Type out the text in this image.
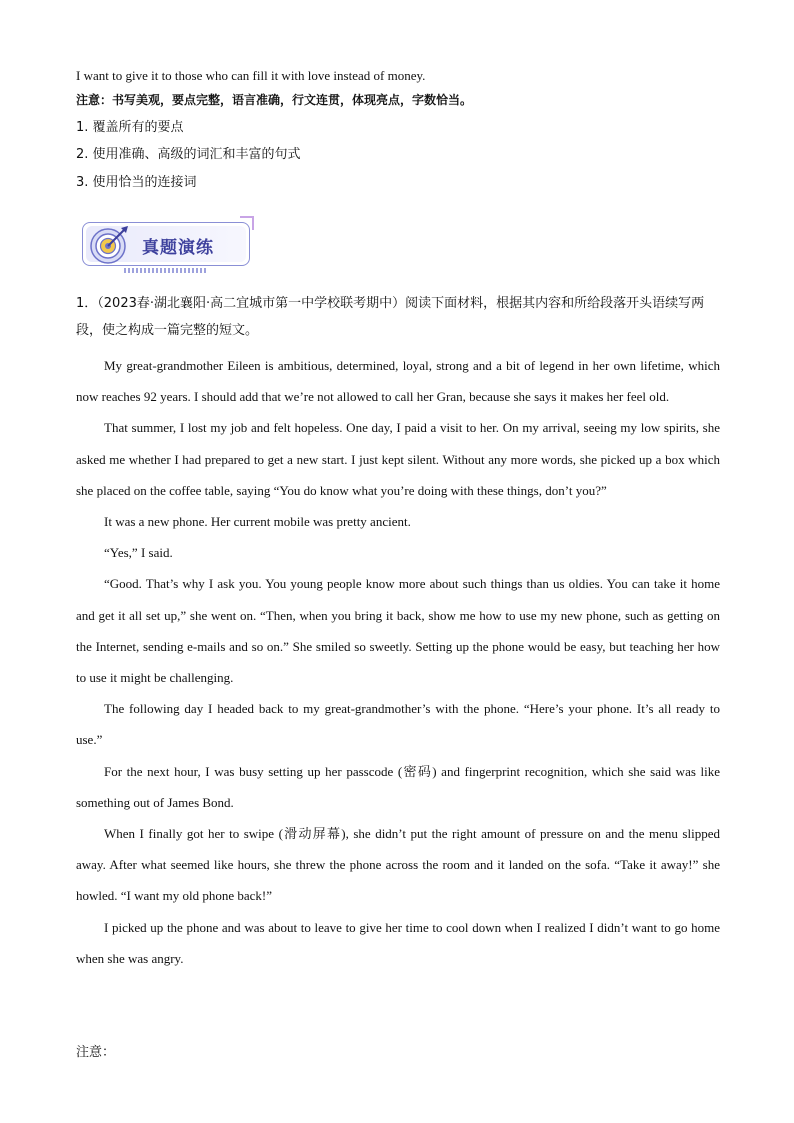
I want to give it to those who can fill it with love instead of money.
注意：书写美观，要点完整，语言准确，行文连贯，体现亮点，字数恰当。
1. 覆盖所有的要点
2. 使用准确、高级的词汇和丰富的句式
3. 使用恰当的连接词
真题演练
1．（2023春·湖北襄阳·高二宜城市第一中学校联考期中）阅读下面材料，根据其内容和所给段落开头语续写两段，使之构成一篇完整的短文。

My great-grandmother Eileen is ambitious, determined, loyal, strong and a bit of legend in her own lifetime, which now reaches 92 years. I should add that we’re not allowed to call her Gran, because she says it makes her feel old.

That summer, I lost my job and felt hopeless. One day, I paid a visit to her. On my arrival, seeing my low spirits, she asked me whether I had prepared to get a new start. I just kept silent. Without any more words, she picked up a box which she placed on the coffee table, saying “You do know what you’re doing with these things, don’t you?”

It was a new phone. Her current mobile was pretty ancient.

“Yes,” I said.

“Good. That’s why I ask you. You young people know more about such things than us oldies. You can take it home and get it all set up,” she went on. “Then, when you bring it back, show me how to use my new phone, such as getting on the Internet, sending e-mails and so on.” She smiled so sweetly. Setting up the phone would be easy, but teaching her how to use it might be challenging.

The following day I headed back to my great-grandmother’s with the phone. “Here’s your phone. It’s all ready to use.”

For the next hour, I was busy setting up her passcode (密码) and fingerprint recognition, which she said was like something out of James Bond.

When I finally got her to swipe (滑动屏幕), she didn’t put the right amount of pressure on and the menu slipped away. After what seemed like hours, she threw the phone across the room and it landed on the sofa. “Take it away!” she howled. “I want my old phone back!”

I picked up the phone and was about to leave to give her time to cool down when I realized I didn’t want to go home when she was angry.

注意：
